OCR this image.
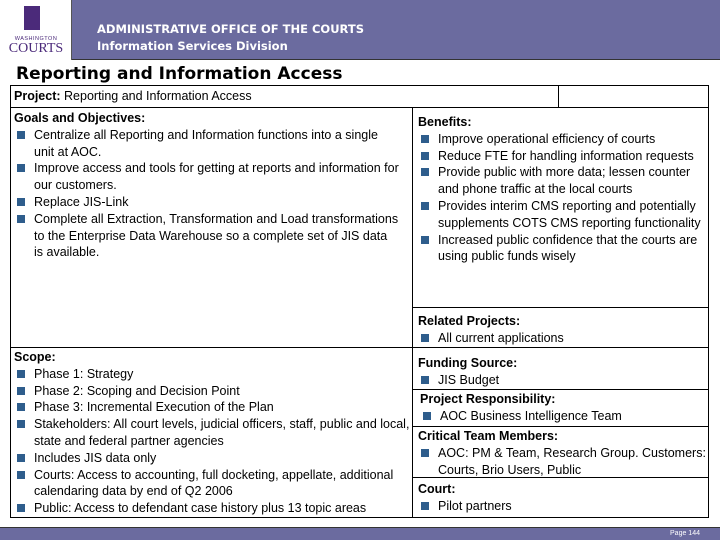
WASHINGTON
COURTS
ADMINISTRATIVE OFFICE OF THE COURTS
Information Services Division
Reporting and Information Access
Project: Reporting and Information Access
Goals and Objectives:
Centralize all Reporting and Information functions into a single unit at AOC.
Improve access and tools for getting at reports and information for our customers.
Replace JIS-Link
Complete all Extraction, Transformation and Load transformations to the Enterprise Data Warehouse so a complete set of JIS data is available.
Benefits:
Improve operational efficiency of courts
Reduce FTE for handling information requests
Provide public with more data; lessen counter and phone traffic at the local courts
Provides interim CMS reporting and potentially supplements COTS CMS reporting functionality
Increased public confidence that the courts are using public funds wisely
Related Projects:
All current applications
Scope:
Phase 1: Strategy
Phase 2: Scoping and Decision Point
Phase 3: Incremental Execution of the Plan
Stakeholders: All court levels, judicial officers, staff, public and local, state and federal partner agencies
Includes JIS data only
Courts: Access to accounting, full docketing, appellate, additional calendaring data by end of Q2 2006
Public: Access to defendant case history plus 13 topic areas
Funding Source:
JIS Budget
Project Responsibility:
AOC Business Intelligence Team
Critical Team Members:
AOC: PM & Team, Research Group. Customers: Courts, Brio Users, Public
Court:
Pilot partners
Page 144
